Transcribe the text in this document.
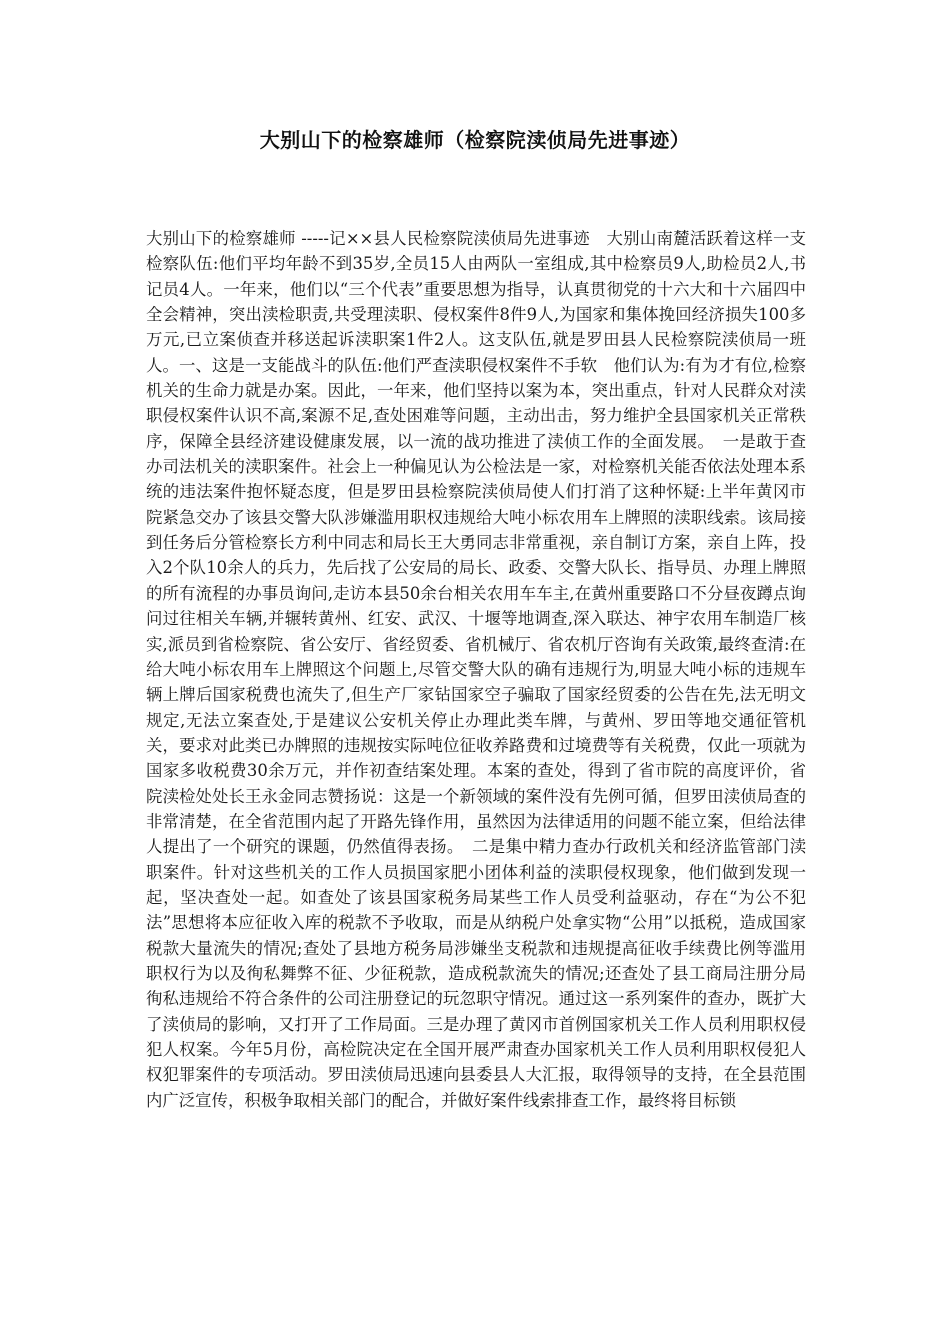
大别山下的检察雄师（检察院渎侦局先进事迹）

大别山下的检察雄师 -----记××县人民检察院渎侦局先进事迹　大别山南麓活跃着这样一支检察队伍:他们平均年龄不到35岁,全员15人由两队一室组成,其中检察员9人,助检员2人,书记员4人。一年来，他们以“三个代表”重要思想为指导，认真贯彻党的十六大和十六届四中全会精神，突出渎检职责,共受理渎职、侵权案件8件9人,为国家和集体挽回经济损失100多万元,已立案侦查并移送起诉渎职案1件2人。这支队伍,就是罗田县人民检察院渎侦局一班人。一、这是一支能战斗的队伍:他们严查渎职侵权案件不手软　他们认为:有为才有位,检察机关的生命力就是办案。因此，一年来，他们坚持以案为本，突出重点，针对人民群众对渎职侵权案件认识不高,案源不足,查处困难等问题，主动出击，努力维护全县国家机关正常秩序，保障全县经济建设健康发展，以一流的战功推进了渎侦工作的全面发展。　一是敢于查办司法机关的渎职案件。社会上一种偏见认为公检法是一家，对检察机关能否依法处理本系统的违法案件抱怀疑态度，但是罗田县检察院渎侦局使人们打消了这种怀疑:上半年黄冈市院紧急交办了该县交警大队涉嫌滥用职权违规给大吨小标农用车上牌照的渎职线索。该局接到任务后分管检察长方利中同志和局长王大勇同志非常重视，亲自制订方案，亲自上阵，投入2个队10余人的兵力，先后找了公安局的局长、政委、交警大队长、指导员、办理上牌照的所有流程的办事员询问,走访本县50余台相关农用车车主,在黄州重要路口不分昼夜蹲点询问过往相关车辆,并辗转黄州、红安、武汉、十堰等地调查,深入联达、神宇农用车制造厂核实,派员到省检察院、省公安厅、省经贸委、省机械厅、省农机厅咨询有关政策,最终查清:在给大吨小标农用车上牌照这个问题上,尽管交警大队的确有违规行为,明显大吨小标的违规车辆上牌后国家税费也流失了,但生产厂家钻国家空子骗取了国家经贸委的公告在先,法无明文规定,无法立案查处,于是建议公安机关停止办理此类车牌，与黄州、罗田等地交通征管机关，要求对此类已办牌照的违规按实际吨位征收养路费和过境费等有关税费，仅此一项就为国家多收税费30余万元，并作初查结案处理。本案的查处，得到了省市院的高度评价，省院渎检处处长王永金同志赞扬说：这是一个新领域的案件没有先例可循，但罗田渎侦局查的非常清楚，在全省范围内起了开路先锋作用，虽然因为法律适用的问题不能立案，但给法律人提出了一个研究的课题，仍然值得表扬。　二是集中精力查办行政机关和经济监管部门渎职案件。针对这些机关的工作人员损国家肥小团体利益的渎职侵权现象，他们做到发现一起，坚决查处一起。如查处了该县国家税务局某些工作人员受利益驱动，存在“为公不犯法”思想将本应征收入库的税款不予收取，而是从纳税户处拿实物“公用”以抵税，造成国家税款大量流失的情况;查处了县地方税务局涉嫌坐支税款和违规提高征收手续费比例等滥用职权行为以及徇私舞弊不征、少征税款，造成税款流失的情况;还查处了县工商局注册分局徇私违规给不符合条件的公司注册登记的玩忽职守情况。通过这一系列案件的查办，既扩大了渎侦局的影响，又打开了工作局面。三是办理了黄冈市首例国家机关工作人员利用职权侵犯人权案。今年5月份，高检院决定在全国开展严肃查办国家机关工作人员利用职权侵犯人权犯罪案件的专项活动。罗田渎侦局迅速向县委县人大汇报，取得领导的支持，在全县范围内广泛宣传，积极争取相关部门的配合，并做好案件线索排查工作，最终将目标锁
